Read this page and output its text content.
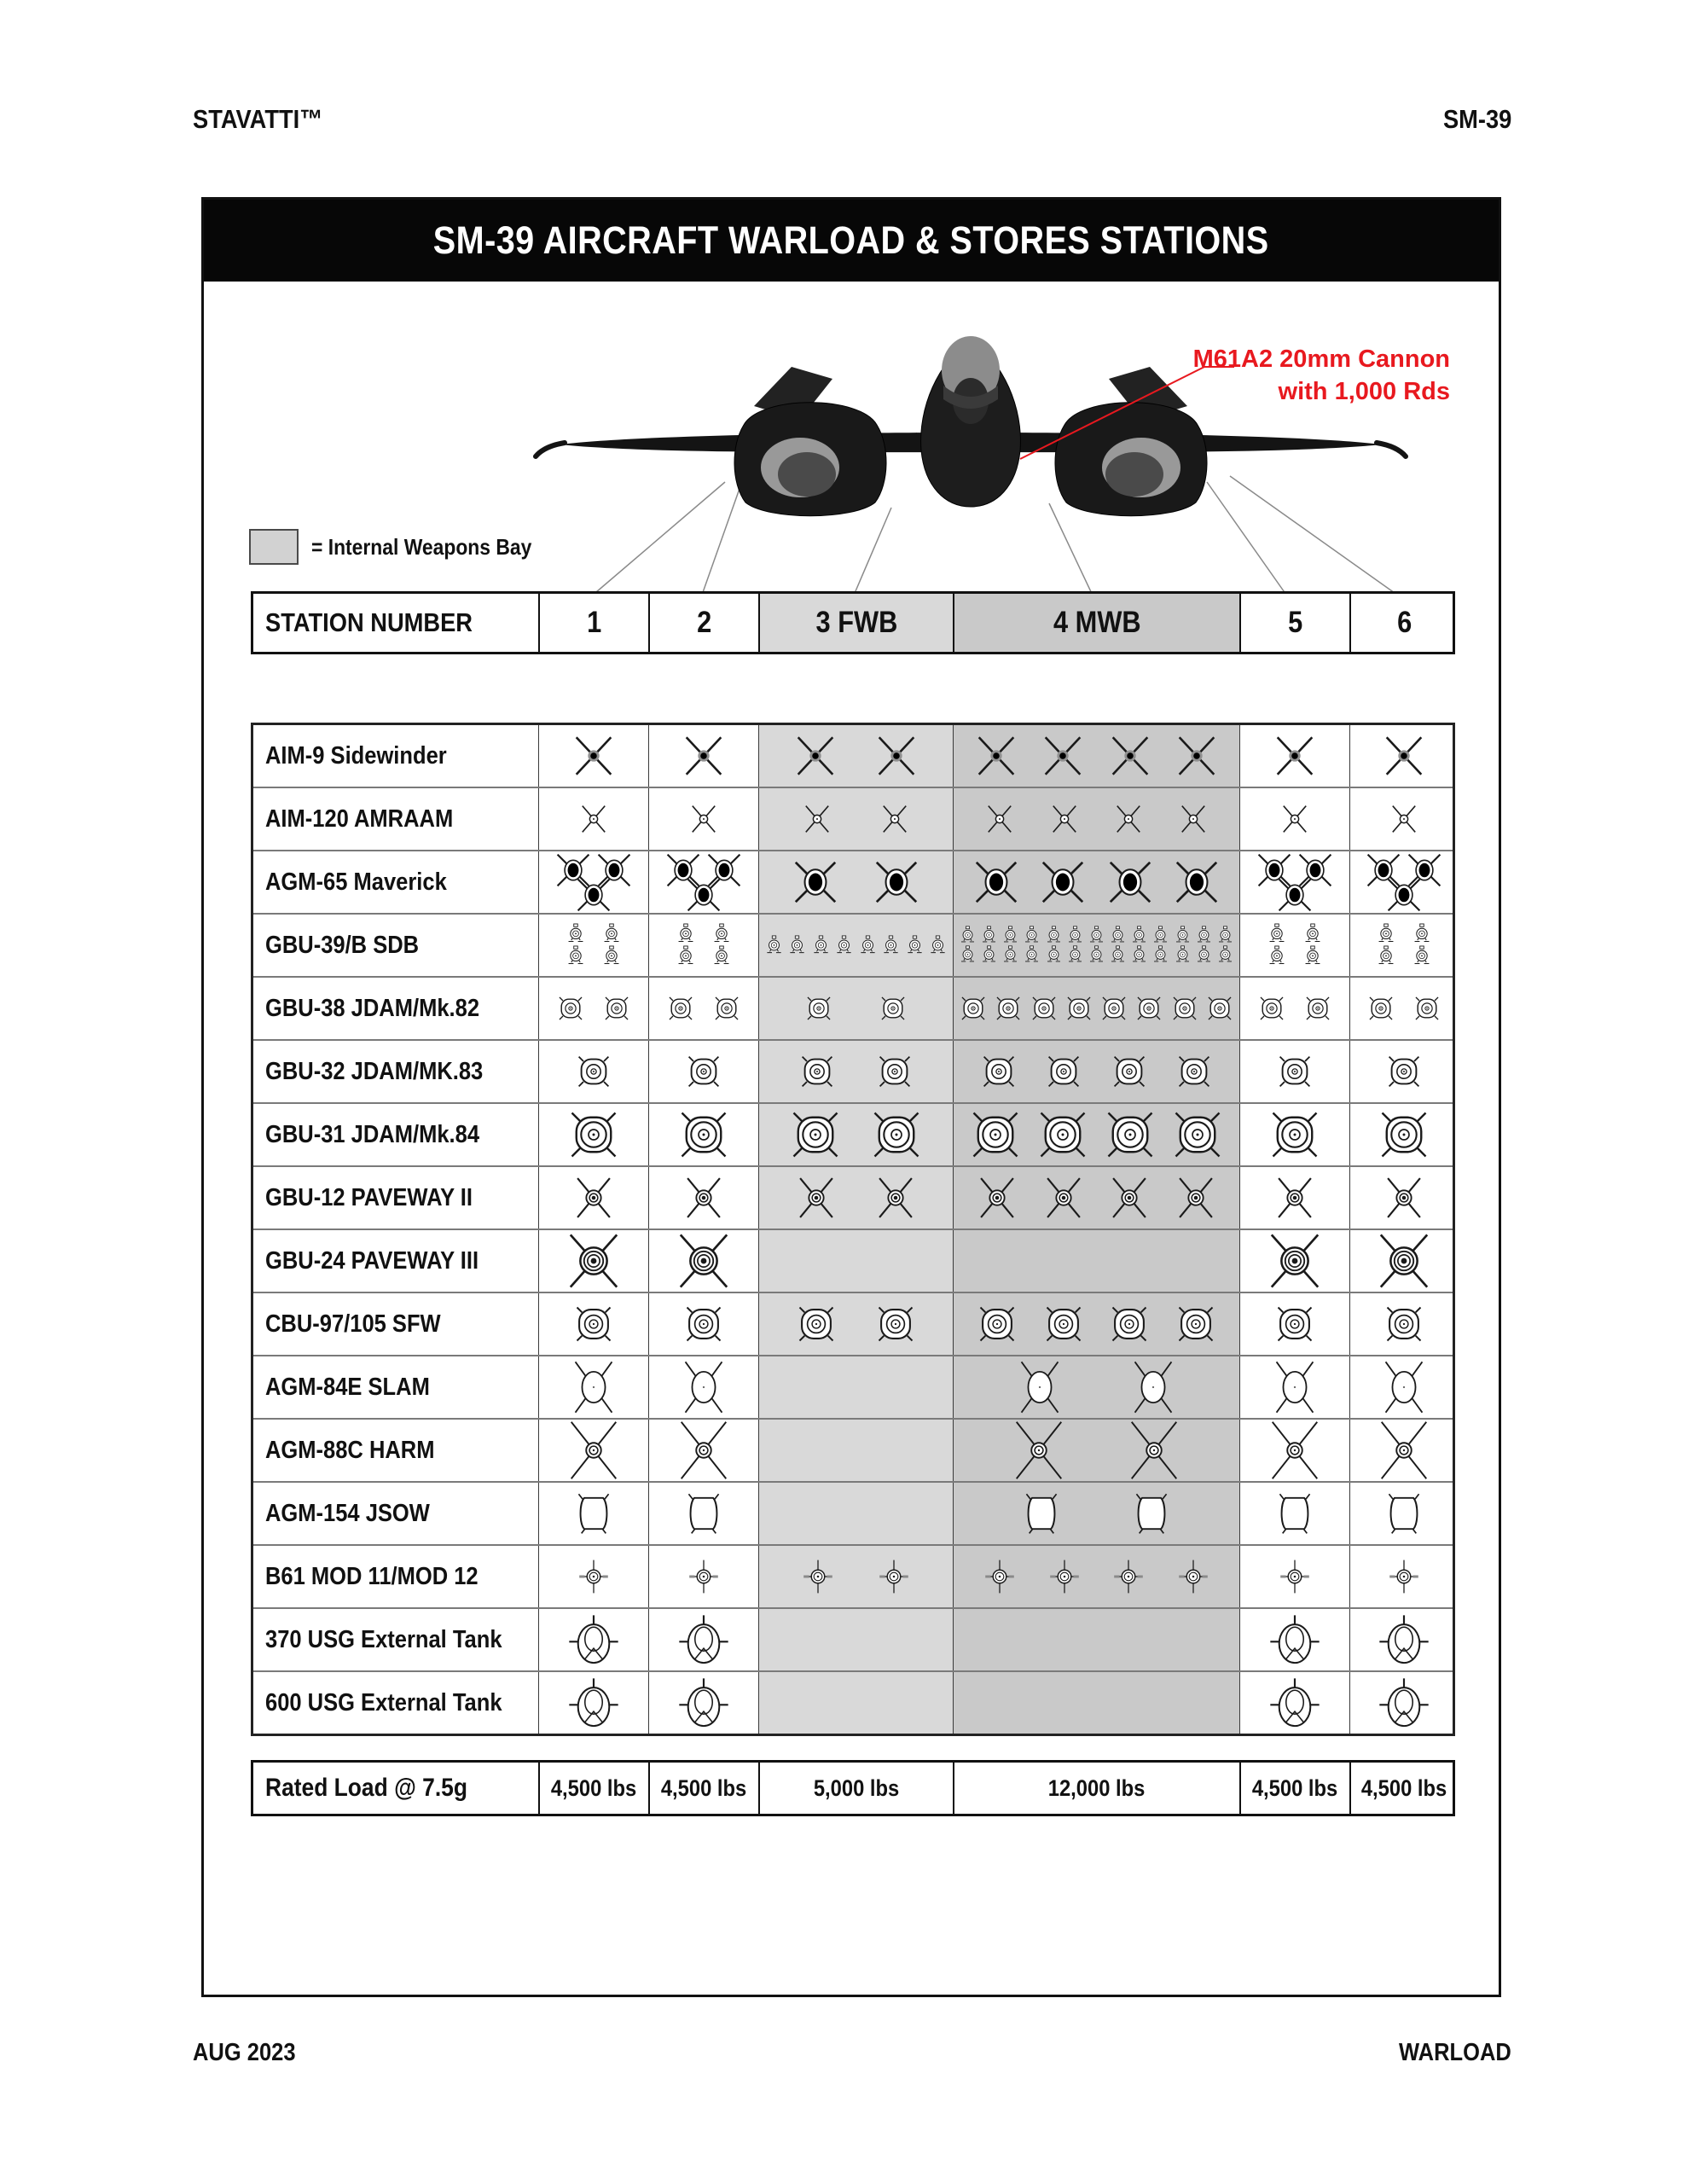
STAVATTI™	SM-39
SM-39 AIRCRAFT WARLOAD & STORES STATIONS
M61A2 20mm Cannon
with 1,000 Rds
= Internal Weapons Bay
STATION NUMBER	1	2	3 FWB	4 MWB	5	6
AIM-9 Sidewinder
AIM-120 AMRAAM
AGM-65 Maverick
GBU-39/B SDB
GBU-38 JDAM/Mk.82
GBU-32 JDAM/MK.83
GBU-31 JDAM/Mk.84
GBU-12 PAVEWAY II
GBU-24 PAVEWAY III
CBU-97/105 SFW
AGM-84E SLAM
AGM-88C HARM
AGM-154 JSOW
B61 MOD 11/MOD 12
370 USG External Tank
600 USG External Tank
Rated Load @ 7.5g	4,500 lbs 4,500 lbs	5,000 lbs	12,000 lbs	4,500 lbs 4,500 lbs
AUG 2023	WARLOAD
